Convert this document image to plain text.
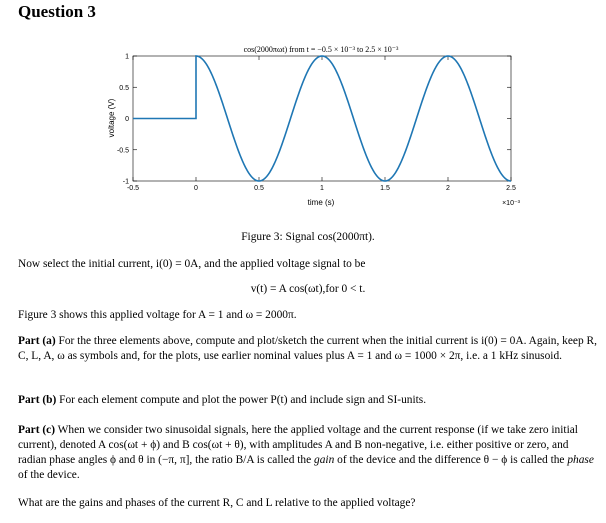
Question 3
cos(2000πωt) from t = −0.5 × 10⁻³ to 2.5 × 10⁻³
-0.5	0	0.5	1	1.5	2	2.5
1
0.5
0
-0.5
-1
time (s)
voltage (V)
×10⁻³
Figure 3: Signal cos(2000πt).
Now select the initial current, i(0) = 0A, and the applied voltage signal to be
v(t) = A cos(ωt),for 0 < t.
Figure 3 shows this applied voltage for A = 1 and ω = 2000π.
Part (a) For the three elements above, compute and plot/sketch the current when the initial current is i(0) = 0A. Again, keep R, C, L, A, ω as symbols and, for the plots, use earlier nominal values plus A = 1 and ω = 1000 × 2π, i.e. a 1 kHz sinusoid.
Part (b) For each element compute and plot the power P(t) and include sign and SI-units.
Part (c) When we consider two sinusoidal signals, here the applied voltage and the current response (if we take zero initial current), denoted A cos(ωt + ϕ) and B cos(ωt + θ), with amplitudes A and B non-negative, i.e. either positive or zero, and radian phase angles ϕ and θ in (−π, π], the ratio B/A is called the gain of the device and the difference θ − ϕ is called the phase of the device.
What are the gains and phases of the current R, C and L relative to the applied voltage?
